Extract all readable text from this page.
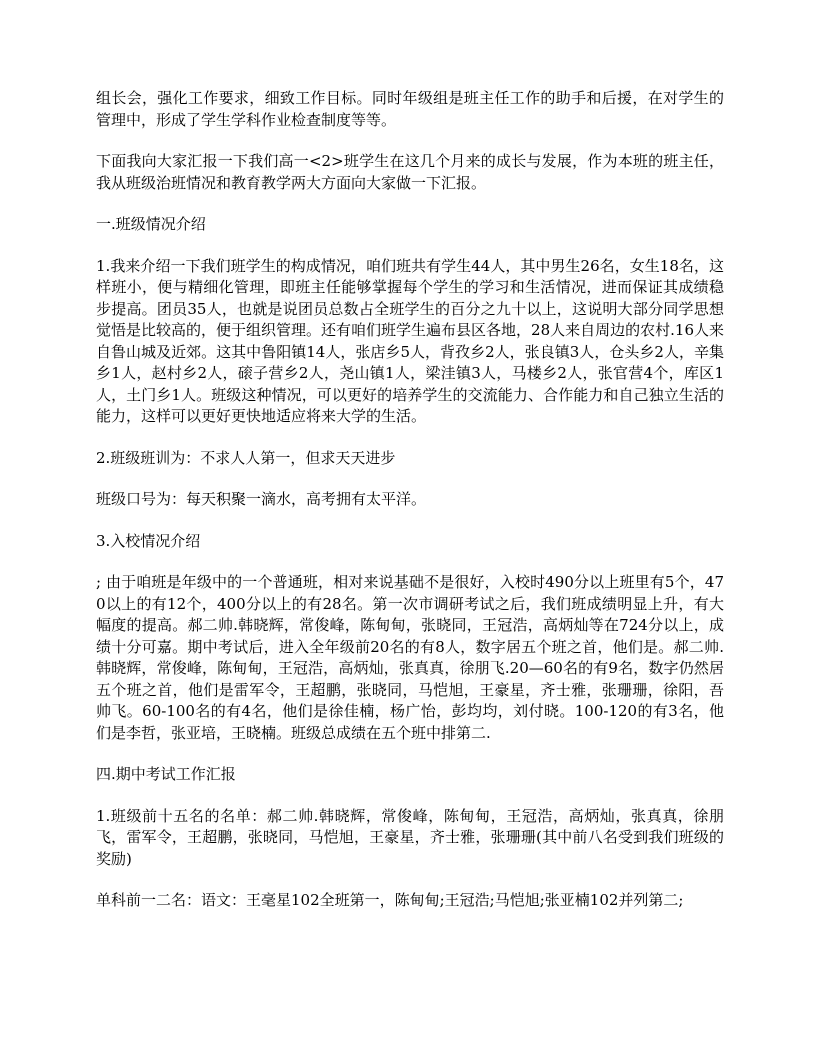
组长会，强化工作要求，细致工作目标。同时年级组是班主任工作的助手和后援，在对学生的管理中，形成了学生学科作业检查制度等等。

下面我向大家汇报一下我们高一<2>班学生在这几个月来的成长与发展，作为本班的班主任，我从班级治班情况和教育教学两大方面向大家做一下汇报。

一.班级情况介绍

1.我来介绍一下我们班学生的构成情况，咱们班共有学生44人，其中男生26名，女生18名，这样班小，便与精细化管理，即班主任能够掌握每个学生的学习和生活情况，进而保证其成绩稳步提高。团员35人，也就是说团员总数占全班学生的百分之九十以上，这说明大部分同学思想觉悟是比较高的，便于组织管理。还有咱们班学生遍布县区各地，28人来自周边的农村.16人来自鲁山城及近郊。这其中鲁阳镇14人，张店乡5人，背孜乡2人，张良镇3人，仓头乡2人，辛集乡1人，赵村乡2人，磙子营乡2人，尧山镇1人，梁洼镇3人，马楼乡2人，张官营4个，库区1人，土门乡1人。班级这种情况，可以更好的培养学生的交流能力、合作能力和自己独立生活的能力，这样可以更好更快地适应将来大学的生活。

2.班级班训为：不求人人第一，但求天天进步

班级口号为：每天积聚一滴水，高考拥有太平洋。

3.入校情况介绍

; 由于咱班是年级中的一个普通班，相对来说基础不是很好，入校时490分以上班里有5个，470以上的有12个，400分以上的有28名。第一次市调研考试之后，我们班成绩明显上升，有大幅度的提高。郝二帅.韩晓辉，常俊峰，陈甸甸，张晓同，王冠浩，高炳灿等在724分以上，成绩十分可嘉。期中考试后，进入全年级前20名的有8人，数字居五个班之首，他们是。郝二帅.韩晓辉，常俊峰，陈甸甸，王冠浩，高炳灿，张真真，徐朋飞.20—60名的有9名，数字仍然居五个班之首，他们是雷军令，王超鹏，张晓同，马恺旭，王豪星，齐士雅，张珊珊，徐阳，吾帅飞。60-100名的有4名，他们是徐佳楠，杨广怡，彭均均，刘付晓。100-120的有3名，他们是李哲，张亚培，王晓楠。班级总成绩在五个班中排第二.

四.期中考试工作汇报

1.班级前十五名的名单：郝二帅.韩晓辉，常俊峰，陈甸甸，王冠浩，高炳灿，张真真，徐朋飞，雷军令，王超鹏，张晓同，马恺旭，王豪星，齐士雅，张珊珊(其中前八名受到我们班级的奖励)

单科前一二名：语文：王毫星102全班第一，陈甸甸;王冠浩;马恺旭;张亚楠102并列第二;
